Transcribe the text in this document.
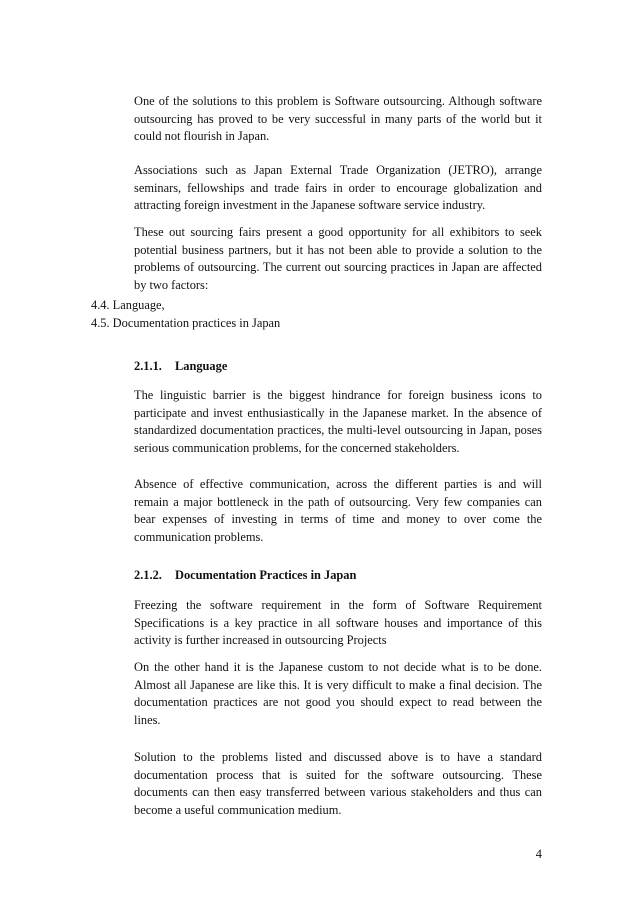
One of the solutions to this problem is Software outsourcing. Although software outsourcing has proved to be very successful in many parts of the world but it could not flourish in Japan.

Associations such as Japan External Trade Organization (JETRO), arrange seminars, fellowships and trade fairs in order to encourage globalization and attracting foreign investment in the Japanese software service industry.

These out sourcing fairs present a good opportunity for all exhibitors to seek potential business partners, but it has not been able to provide a solution to the problems of outsourcing. The current out sourcing practices in Japan are affected by two factors:

4.4. Language,
4.5. Documentation practices in Japan
2.1.1. Language

The linguistic barrier is the biggest hindrance for foreign business icons to participate and invest enthusiastically in the Japanese market. In the absence of standardized documentation practices, the multi-level outsourcing in Japan, poses serious communication problems, for the concerned stakeholders.

Absence of effective communication, across the different parties is and will remain a major bottleneck in the path of outsourcing. Very few companies can bear expenses of investing in terms of time and money to over come the communication problems.

2.1.2. Documentation Practices in Japan

Freezing the software requirement in the form of Software Requirement Specifications is a key practice in all software houses and importance of this activity is further increased in outsourcing Projects

On the other hand it is the Japanese custom to not decide what is to be done. Almost all Japanese are like this. It is very difficult to make a final decision. The documentation practices are not good you should expect to read between the lines.

Solution to the problems listed and discussed above is to have a standard documentation process that is suited for the software outsourcing. These documents can then easy transferred between various stakeholders and thus can become a useful communication medium.

4
